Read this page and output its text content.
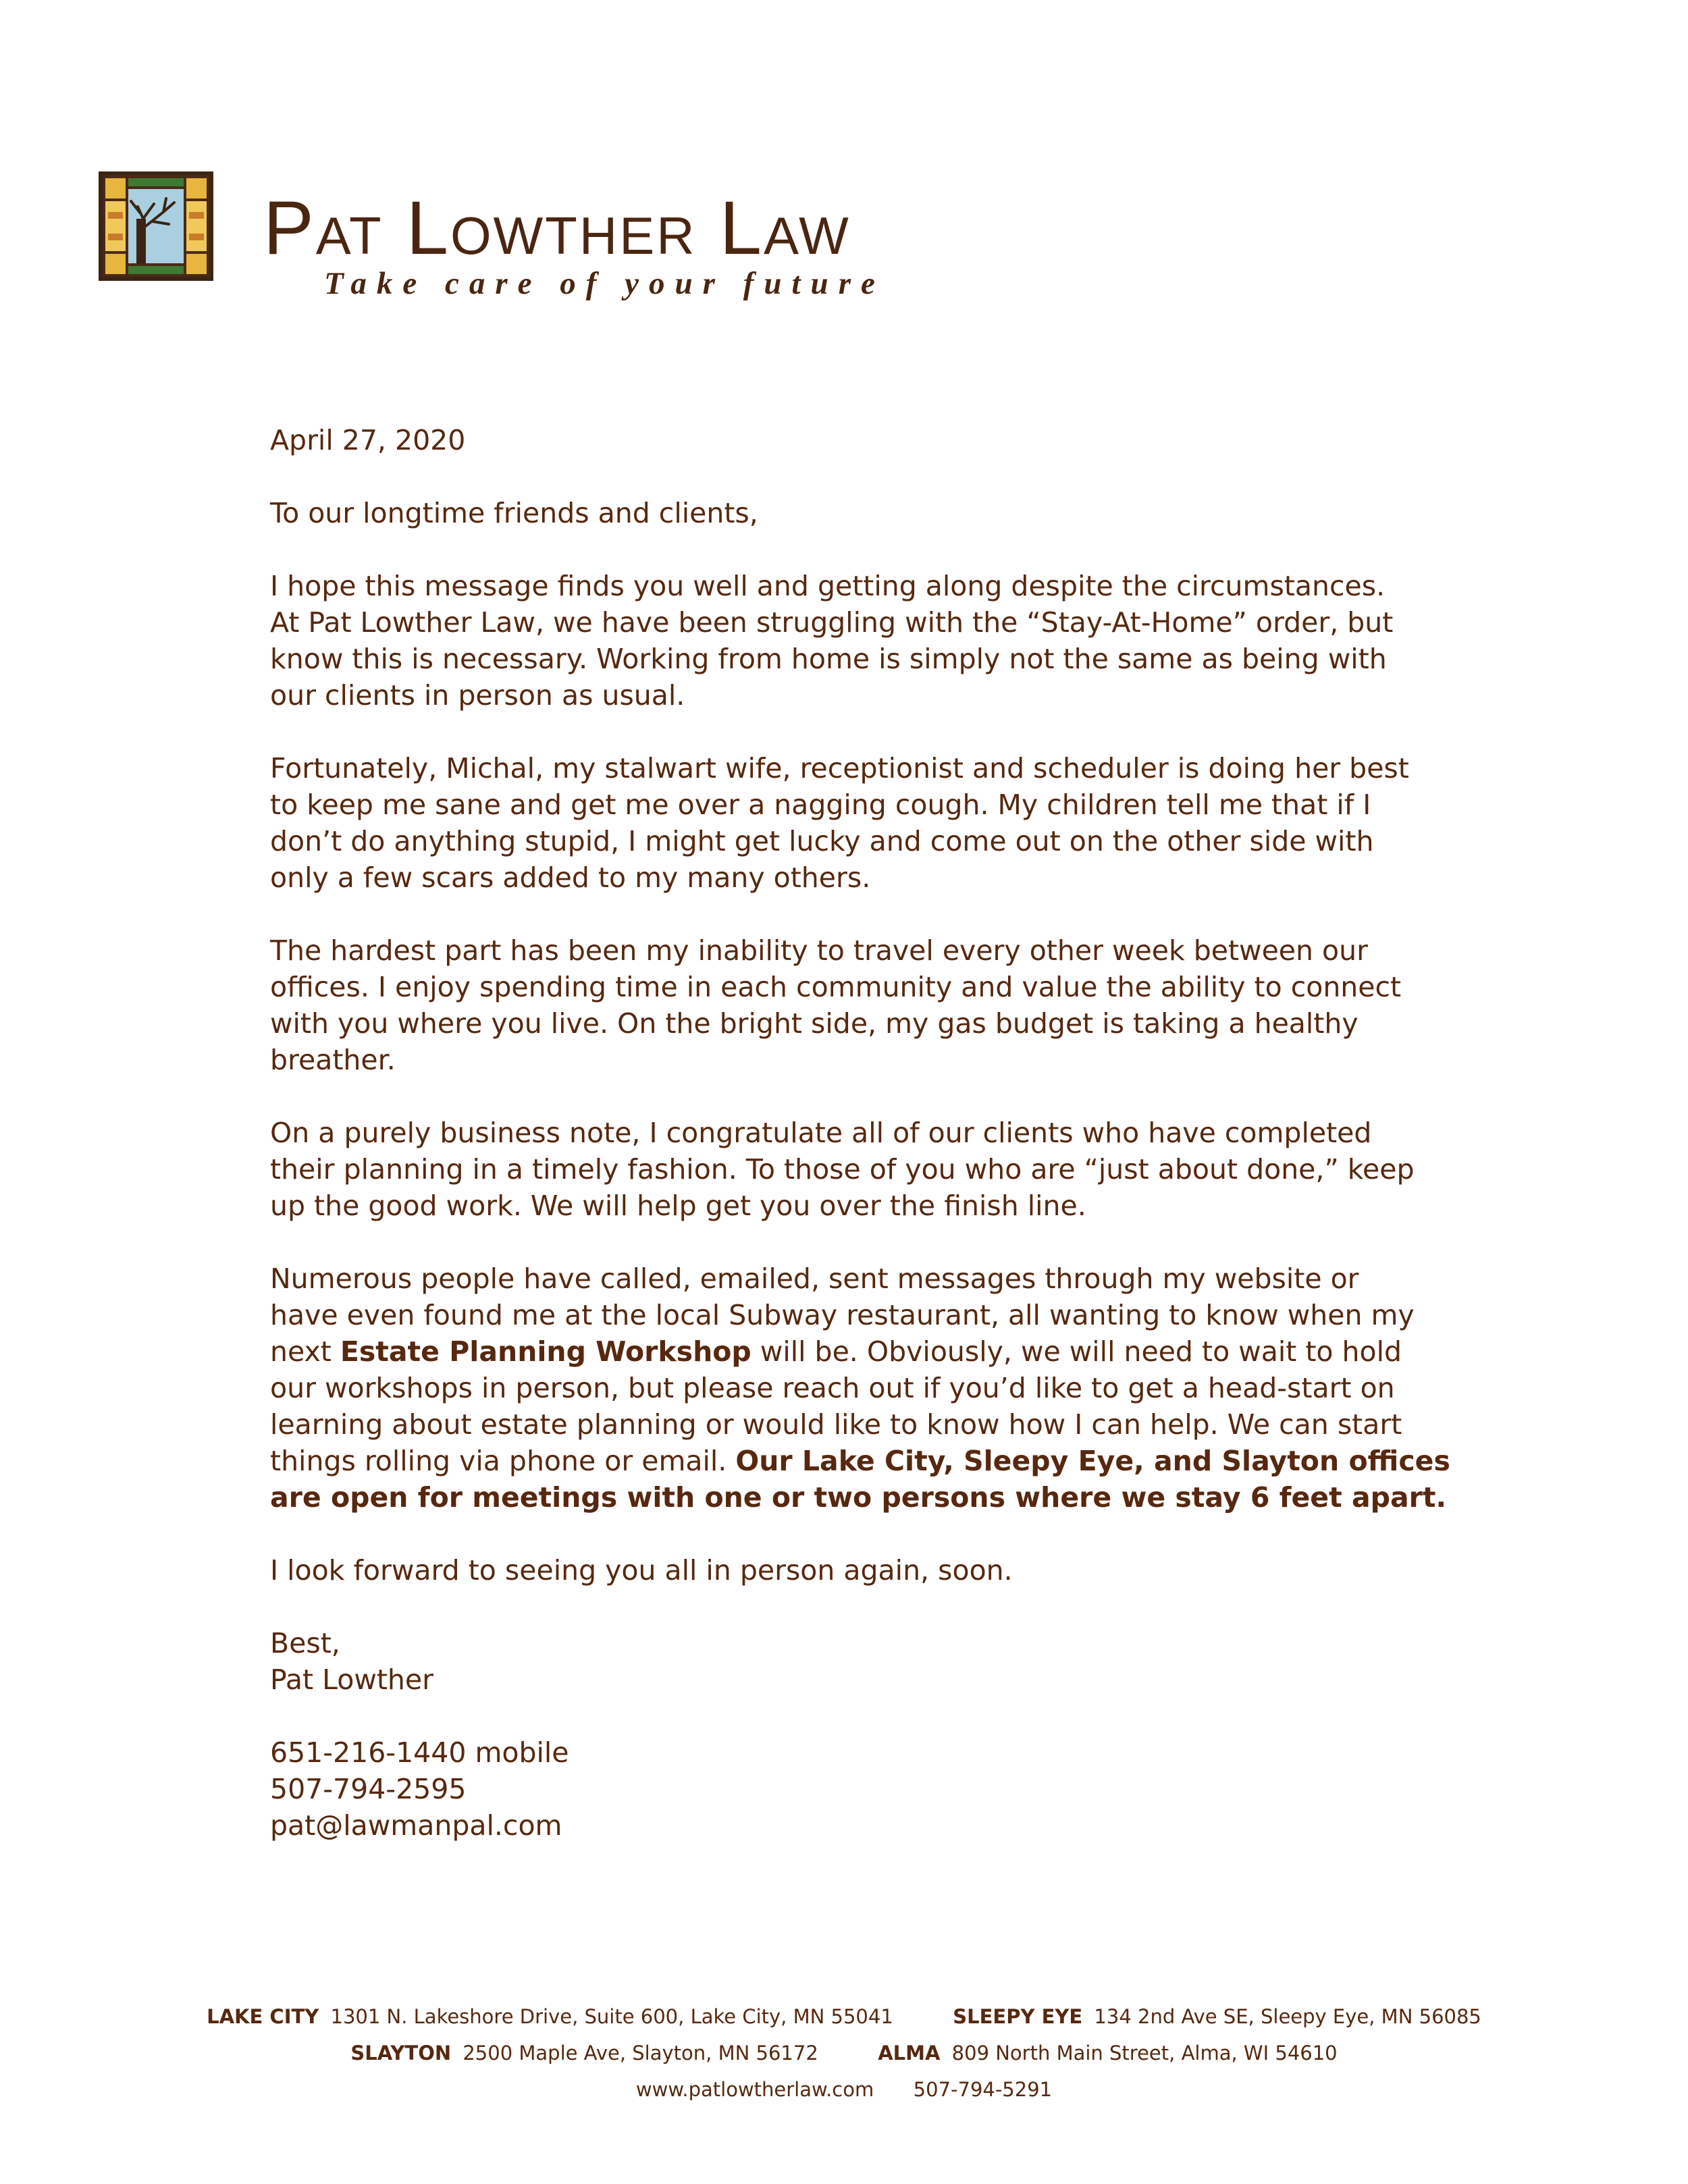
Pat Lowther Law
Take care of your future

April 27, 2020

To our longtime friends and clients,

I hope this message finds you well and getting along despite the circumstances.
At Pat Lowther Law, we have been struggling with the “Stay-At-Home” order, but
know this is necessary. Working from home is simply not the same as being with
our clients in person as usual.

Fortunately, Michal, my stalwart wife, receptionist and scheduler is doing her best
to keep me sane and get me over a nagging cough. My children tell me that if I
don’t do anything stupid, I might get lucky and come out on the other side with
only a few scars added to my many others.

The hardest part has been my inability to travel every other week between our
offices. I enjoy spending time in each community and value the ability to connect
with you where you live. On the bright side, my gas budget is taking a healthy
breather.

On a purely business note, I congratulate all of our clients who have completed
their planning in a timely fashion. To those of you who are “just about done,” keep
up the good work. We will help get you over the finish line.

Numerous people have called, emailed, sent messages through my website or
have even found me at the local Subway restaurant, all wanting to know when my
next Estate Planning Workshop will be. Obviously, we will need to wait to hold
our workshops in person, but please reach out if you’d like to get a head-start on
learning about estate planning or would like to know how I can help. We can start
things rolling via phone or email. Our Lake City, Sleepy Eye, and Slayton offices
are open for meetings with one or two persons where we stay 6 feet apart.

I look forward to seeing you all in person again, soon.

Best,
Pat Lowther

651-216-1440 mobile
507-794-2595
pat@lawmanpal.com

LAKE CITY 1301 N. Lakeshore Drive, Suite 600, Lake City, MN 55041	SLEEPY EYE 134 2nd Ave SE, Sleepy Eye, MN 56085
SLAYTON 2500 Maple Ave, Slayton, MN 56172	ALMA 809 North Main Street, Alma, WI 54610
www.patlowtherlaw.com 507-794-5291
